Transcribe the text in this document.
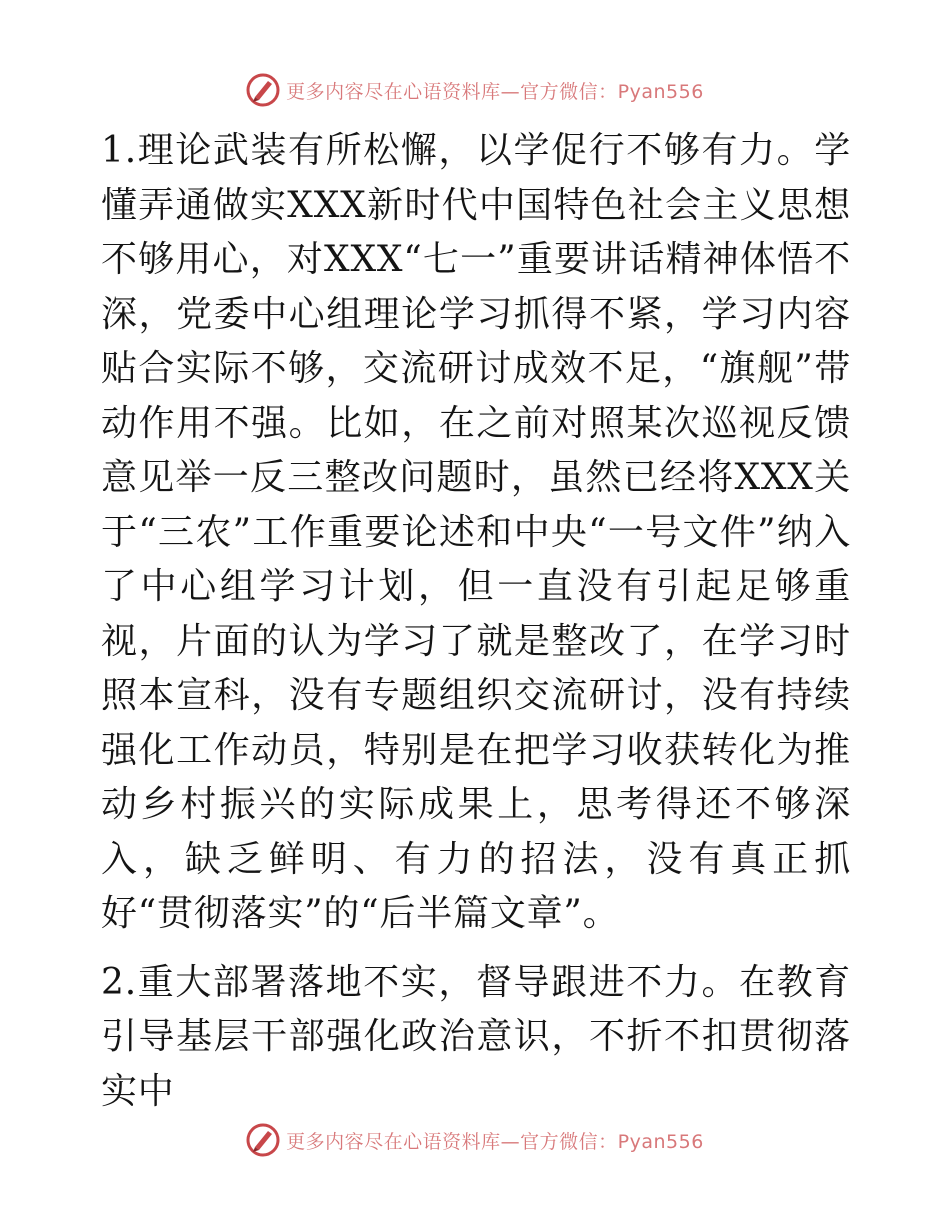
更多内容尽在心语资料库—官方微信：Pyan556

1.理论武装有所松懈，以学促行不够有力。学懂弄通做实XXX新时代中国特色社会主义思想不够用心，对XXX“七一”重要讲话精神体悟不深，党委中心组理论学习抓得不紧，学习内容贴合实际不够，交流研讨成效不足，“旗舰”带动作用不强。比如，在之前对照某次巡视反馈意见举一反三整改问题时，虽然已经将XXX关于“三农”工作重要论述和中央“一号文件”纳入了中心组学习计划，但一直没有引起足够重视，片面的认为学习了就是整改了，在学习时照本宣科，没有专题组织交流研讨，没有持续强化工作动员，特别是在把学习收获转化为推动乡村振兴的实际成果上，思考得还不够深入，缺乏鲜明、有力的招法，没有真正抓好“贯彻落实”的“后半篇文章”。

2.重大部署落地不实，督导跟进不力。在教育引导基层干部强化政治意识，不折不扣贯彻落实中

更多内容尽在心语资料库—官方微信：Pyan556
